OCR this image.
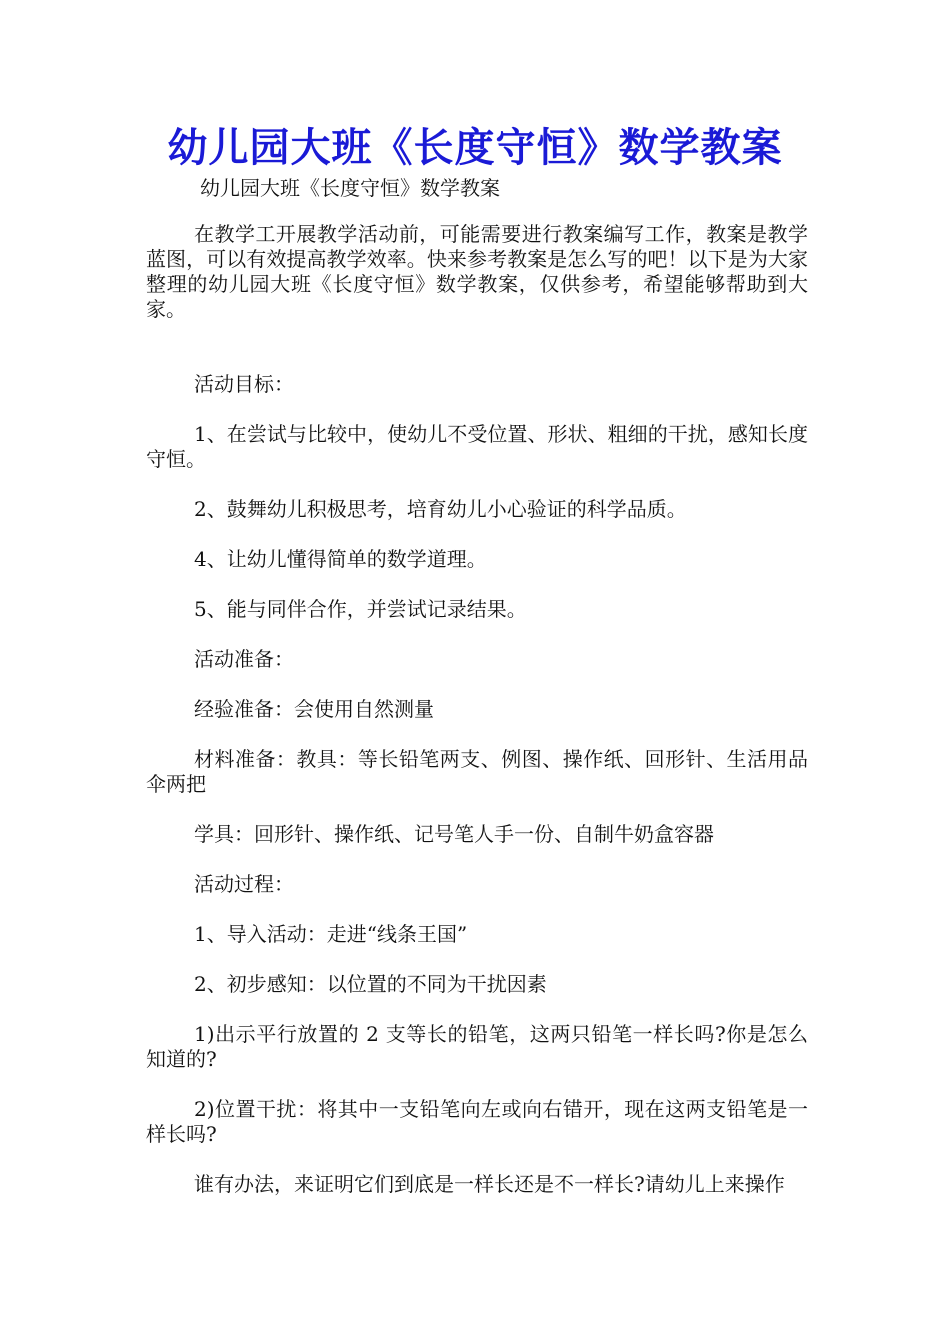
幼儿园大班《长度守恒》数学教案
幼儿园大班《长度守恒》数学教案

在教学工开展教学活动前，可能需要进行教案编写工作，教案是教学蓝图，可以有效提高教学效率。快来参考教案是怎么写的吧！以下是为大家整理的幼儿园大班《长度守恒》数学教案，仅供参考，希望能够帮助到大家。

活动目标：

1、在尝试与比较中，使幼儿不受位置、形状、粗细的干扰，感知长度守恒。

2、鼓舞幼儿积极思考，培育幼儿小心验证的科学品质。

4、让幼儿懂得简单的数学道理。

5、能与同伴合作，并尝试记录结果。

活动准备：

经验准备：会使用自然测量

材料准备：教具：等长铅笔两支、例图、操作纸、回形针、生活用品伞两把

学具：回形针、操作纸、记号笔人手一份、自制牛奶盒容器

活动过程：

1、导入活动：走进“线条王国”

2、初步感知：以位置的不同为干扰因素

1)出示平行放置的 2 支等长的铅笔，这两只铅笔一样长吗?你是怎么知道的?

2)位置干扰：将其中一支铅笔向左或向右错开，现在这两支铅笔是一样长吗?

谁有办法，来证明它们到底是一样长还是不一样长?请幼儿上来操作
